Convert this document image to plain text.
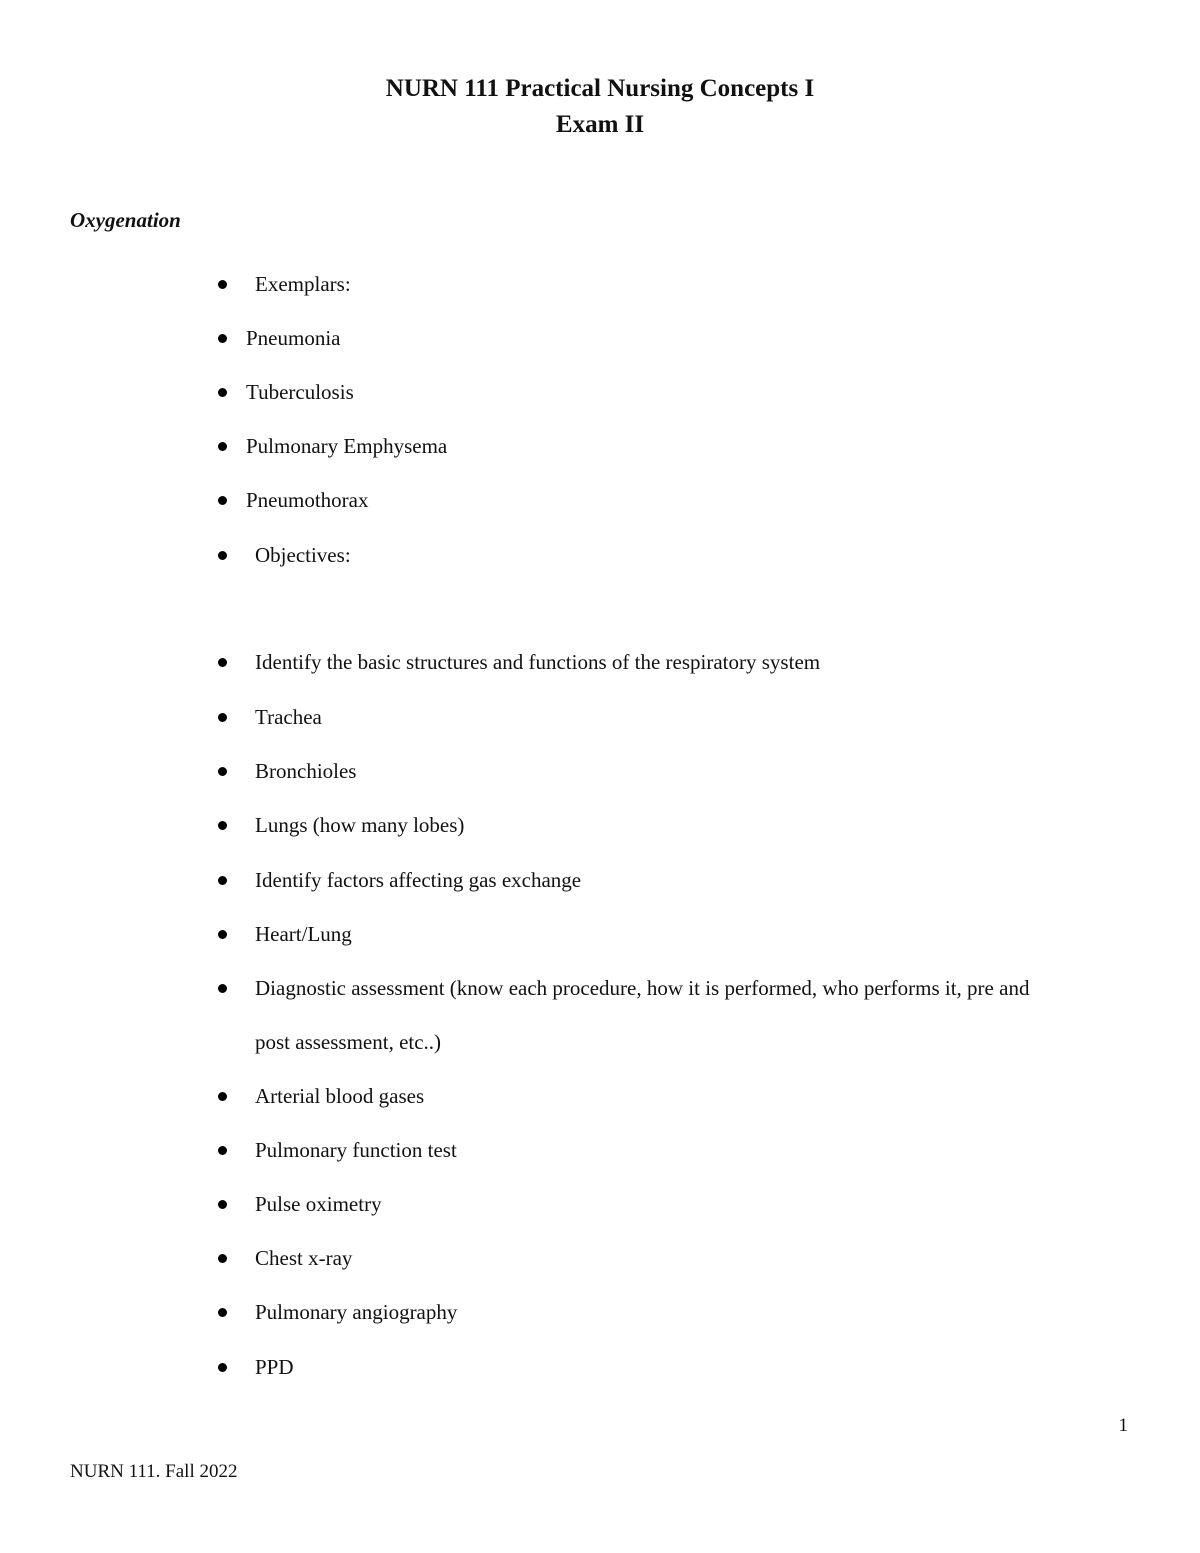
NURN 111 Practical Nursing Concepts I
Exam II
Oxygenation
Exemplars:
Pneumonia
Tuberculosis
Pulmonary Emphysema
Pneumothorax
Objectives:
Identify the basic structures and functions of the respiratory system
Trachea
Bronchioles
Lungs (how many lobes)
Identify factors affecting gas exchange
Heart/Lung
Diagnostic assessment (know each procedure, how it is performed, who performs it, pre and
post assessment, etc..)
Arterial blood gases
Pulmonary function test
Pulse oximetry
Chest x-ray
Pulmonary angiography
PPD
1
NURN 111. Fall 2022
